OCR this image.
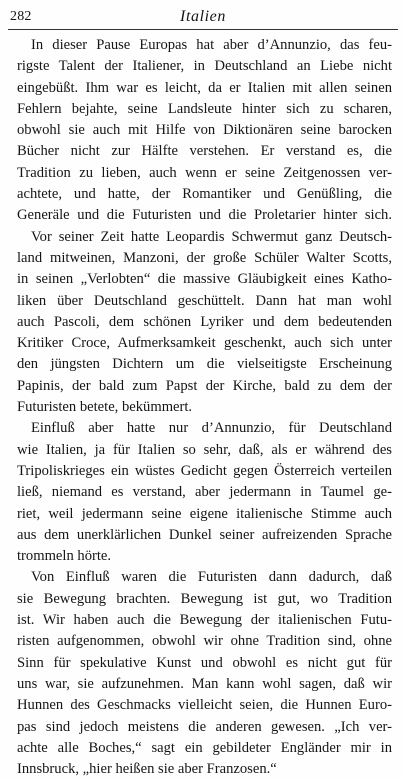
282	Italien
In dieser Pause Europas hat aber d’Annunzio, das feu-
rigste Talent der Italiener, in Deutschland an Liebe nicht
eingebüßt. Ihm war es leicht, da er Italien mit allen seinen
Fehlern bejahte, seine Landsleute hinter sich zu scharen,
obwohl sie auch mit Hilfe von Diktionären seine barocken
Bücher nicht zur Hälfte verstehen. Er verstand es, die
Tradition zu lieben, auch wenn er seine Zeitgenossen ver-
achtete, und hatte, der Romantiker und Genüßling, die
Generäle und die Futuristen und die Proletarier hinter sich.
Vor seiner Zeit hatte Leopardis Schwermut ganz Deutsch-
land mitweinen, Manzoni, der große Schüler Walter Scotts,
in seinen „Verlobten“ die massive Gläubigkeit eines Katho-
liken über Deutschland geschüttelt. Dann hat man wohl
auch Pascoli, dem schönen Lyriker und dem bedeutenden
Kritiker Croce, Aufmerksamkeit geschenkt, auch sich unter
den jüngsten Dichtern um die vielseitigste Erscheinung
Papinis, der bald zum Papst der Kirche, bald zu dem der
Futuristen betete, bekümmert.
Einfluß aber hatte nur d’Annunzio, für Deutschland
wie Italien, ja für Italien so sehr, daß, als er während des
Tripoliskrieges ein wüstes Gedicht gegen Österreich verteilen
ließ, niemand es verstand, aber jedermann in Taumel ge-
riet, weil jedermann seine eigene italienische Stimme auch
aus dem unerklärlichen Dunkel seiner aufreizenden Sprache
trommeln hörte.
Von Einfluß waren die Futuristen dann dadurch, daß
sie Bewegung brachten. Bewegung ist gut, wo Tradition
ist. Wir haben auch die Bewegung der italienischen Futu-
risten aufgenommen, obwohl wir ohne Tradition sind, ohne
Sinn für spekulative Kunst und obwohl es nicht gut für
uns war, sie aufzunehmen. Man kann wohl sagen, daß wir
Hunnen des Geschmacks vielleicht seien, die Hunnen Euro-
pas sind jedoch meistens die anderen gewesen. „Ich ver-
achte alle Boches,“ sagt ein gebildeter Engländer mir in
Innsbruck, „hier heißen sie aber Franzosen.“
